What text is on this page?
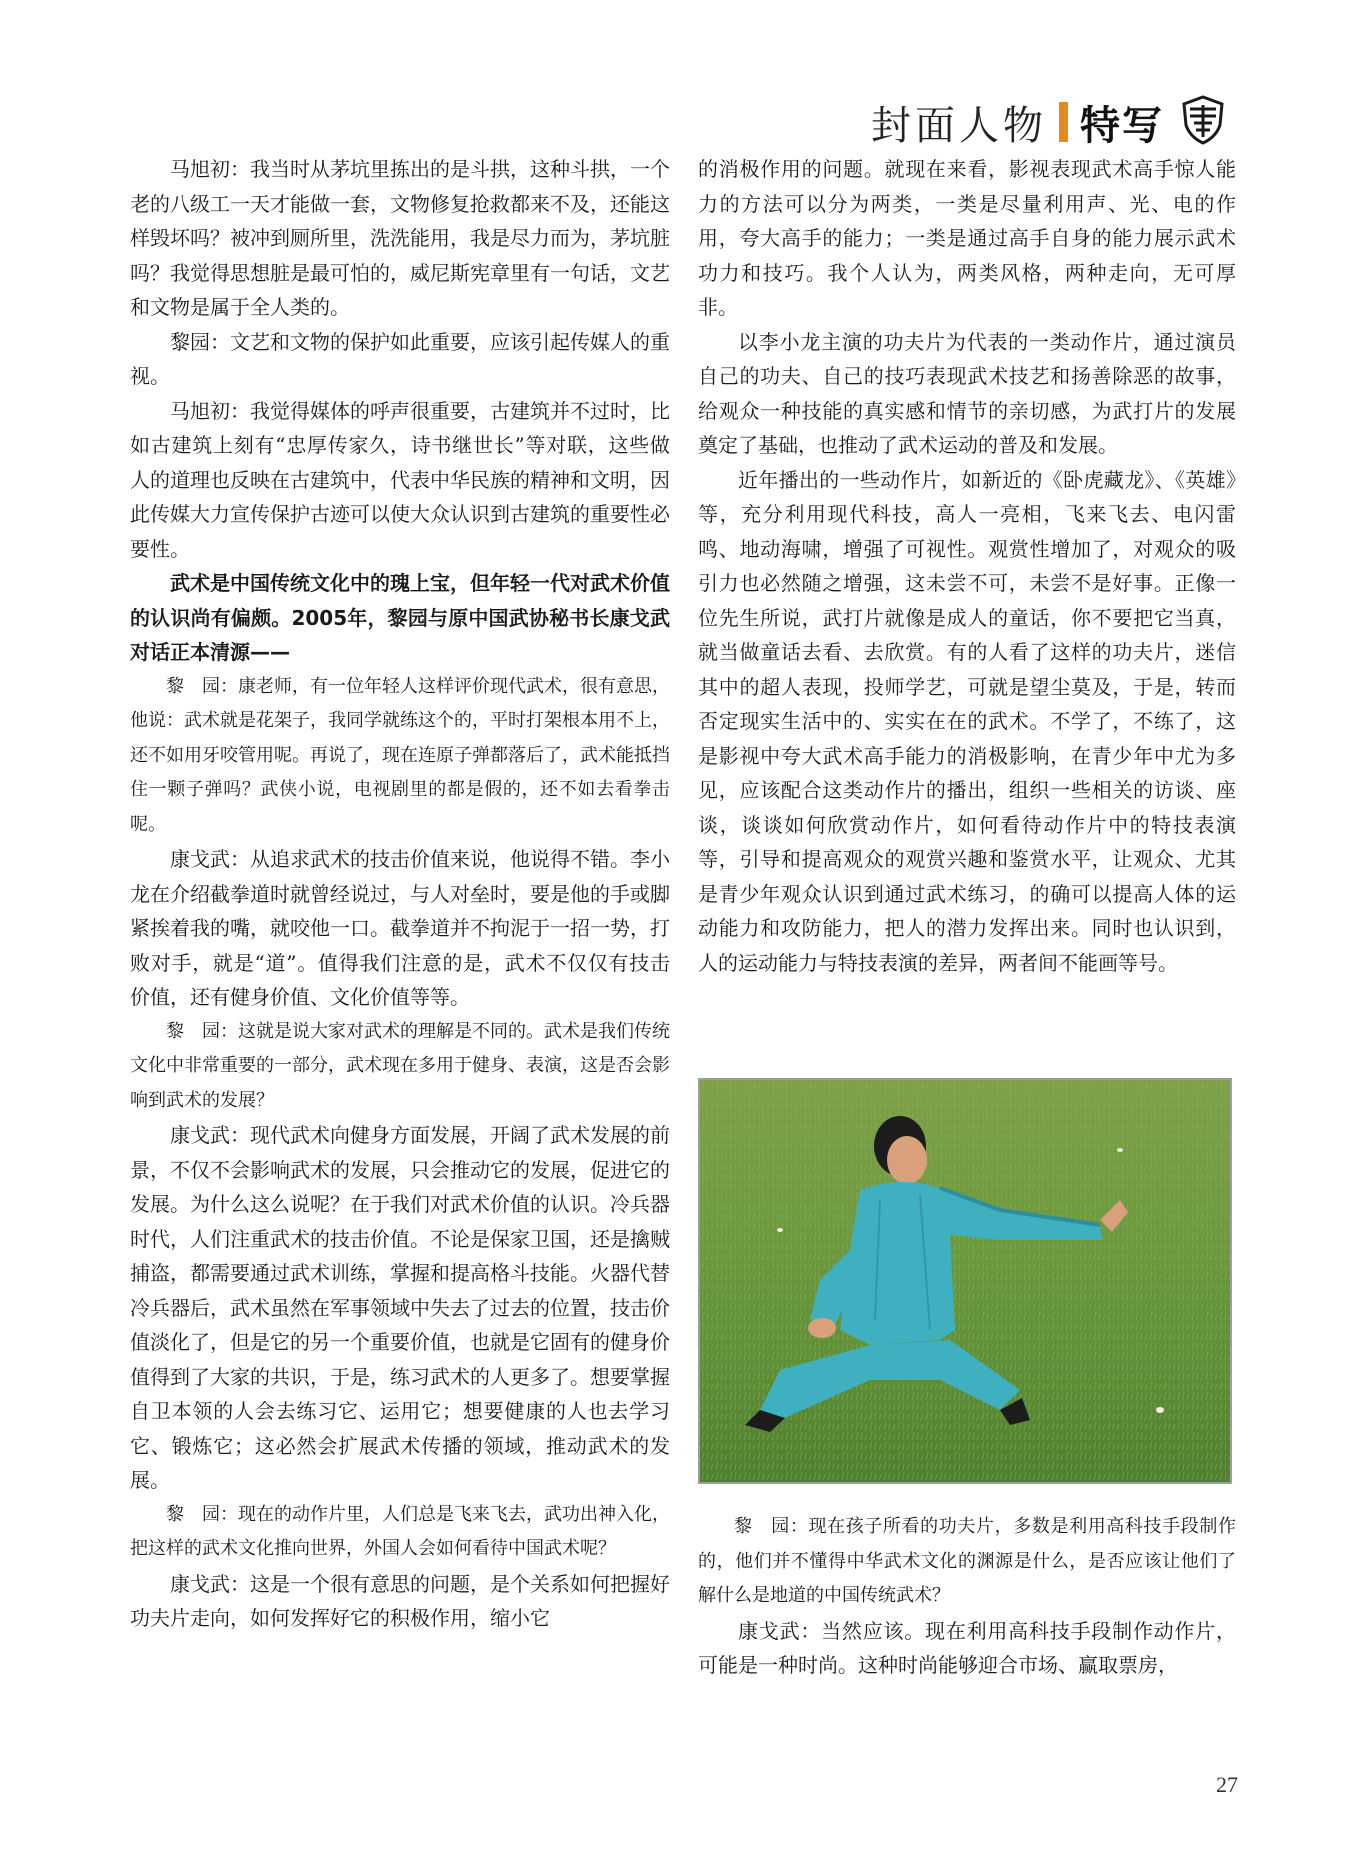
封面人物 特写

马旭初：我当时从茅坑里拣出的是斗拱，这种斗拱，一个老的八级工一天才能做一套，文物修复抢救都来不及，还能这样毁坏吗？被冲到厕所里，洗洗能用，我是尽力而为，茅坑脏吗？我觉得思想脏是最可怕的，威尼斯宪章里有一句话，文艺和文物是属于全人类的。

黎园：文艺和文物的保护如此重要，应该引起传媒人的重视。

马旭初：我觉得媒体的呼声很重要，古建筑并不过时，比如古建筑上刻有“忠厚传家久，诗书继世长”等对联，这些做人的道理也反映在古建筑中，代表中华民族的精神和文明，因此传媒大力宣传保护古迹可以使大众认识到古建筑的重要性必要性。

武术是中国传统文化中的瑰上宝，但年轻一代对武术价值的认识尚有偏颇。2005年，黎园与原中国武协秘书长康戈武对话正本清源——

黎　园：康老师，有一位年轻人这样评价现代武术，很有意思，他说：武术就是花架子，我同学就练这个的，平时打架根本用不上，还不如用牙咬管用呢。再说了，现在连原子弹都落后了，武术能抵挡住一颗子弹吗？武侠小说，电视剧里的都是假的，还不如去看拳击呢。

康戈武：从追求武术的技击价值来说，他说得不错。李小龙在介绍截拳道时就曾经说过，与人对垒时，要是他的手或脚紧挨着我的嘴，就咬他一口。截拳道并不拘泥于一招一势，打败对手，就是“道”。值得我们注意的是，武术不仅仅有技击价值，还有健身价值、文化价值等等。

黎　园：这就是说大家对武术的理解是不同的。武术是我们传统文化中非常重要的一部分，武术现在多用于健身、表演，这是否会影响到武术的发展？

康戈武：现代武术向健身方面发展，开阔了武术发展的前景，不仅不会影响武术的发展，只会推动它的发展，促进它的发展。为什么这么说呢？在于我们对武术价值的认识。冷兵器时代，人们注重武术的技击价值。不论是保家卫国，还是擒贼捕盗，都需要通过武术训练，掌握和提高格斗技能。火器代替冷兵器后，武术虽然在军事领域中失去了过去的位置，技击价值淡化了，但是它的另一个重要价值，也就是它固有的健身价值得到了大家的共识，于是，练习武术的人更多了。想要掌握自卫本领的人会去练习它、运用它；想要健康的人也去学习它、锻炼它；这必然会扩展武术传播的领域，推动武术的发展。

黎　园：现在的动作片里，人们总是飞来飞去，武功出神入化，把这样的武术文化推向世界，外国人会如何看待中国武术呢？

康戈武：这是一个很有意思的问题，是个关系如何把握好功夫片走向，如何发挥好它的积极作用，缩小它

的消极作用的问题。就现在来看，影视表现武术高手惊人能力的方法可以分为两类，一类是尽量利用声、光、电的作用，夸大高手的能力；一类是通过高手自身的能力展示武术功力和技巧。我个人认为，两类风格，两种走向，无可厚非。

以李小龙主演的功夫片为代表的一类动作片，通过演员自己的功夫、自己的技巧表现武术技艺和扬善除恶的故事，给观众一种技能的真实感和情节的亲切感，为武打片的发展奠定了基础，也推动了武术运动的普及和发展。

近年播出的一些动作片，如新近的《卧虎藏龙》、《英雄》等，充分利用现代科技，高人一亮相，飞来飞去、电闪雷鸣、地动海啸，增强了可视性。观赏性增加了，对观众的吸引力也必然随之增强，这未尝不可，未尝不是好事。正像一位先生所说，武打片就像是成人的童话，你不要把它当真，就当做童话去看、去欣赏。有的人看了这样的功夫片，迷信其中的超人表现，投师学艺，可就是望尘莫及，于是，转而否定现实生活中的、实实在在的武术。不学了，不练了，这是影视中夸大武术高手能力的消极影响，在青少年中尤为多见，应该配合这类动作片的播出，组织一些相关的访谈、座谈，谈谈如何欣赏动作片，如何看待动作片中的特技表演等，引导和提高观众的观赏兴趣和鉴赏水平，让观众、尤其是青少年观众认识到通过武术练习，的确可以提高人体的运动能力和攻防能力，把人的潜力发挥出来。同时也认识到，人的运动能力与特技表演的差异，两者间不能画等号。

黎　园：现在孩子所看的功夫片，多数是利用高科技手段制作的，他们并不懂得中华武术文化的渊源是什么，是否应该让他们了解什么是地道的中国传统武术？

康戈武：当然应该。现在利用高科技手段制作动作片，可能是一种时尚。这种时尚能够迎合市场、赢取票房，

27
